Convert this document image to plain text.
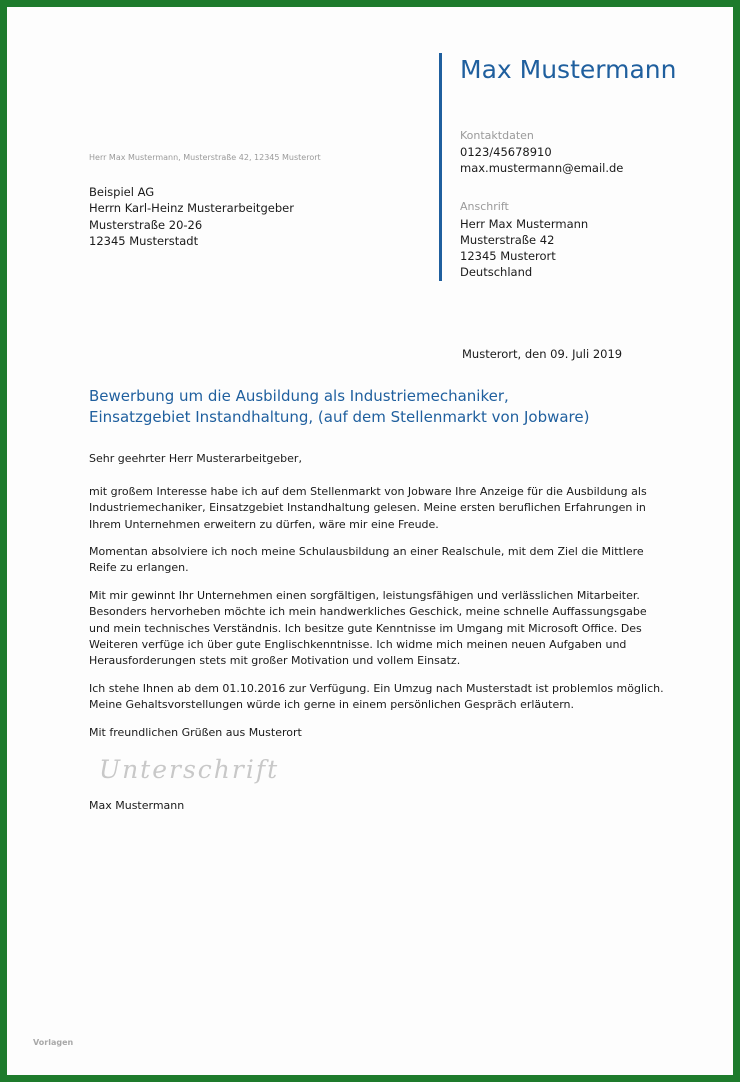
Max Mustermann
Kontaktdaten
0123/45678910
max.mustermann@email.de
Anschrift
Herr Max Mustermann
Musterstraße 42
12345 Musterort
Deutschland
Herr Max Mustermann, Musterstraße 42, 12345 Musterort
Beispiel AG
Herrn Karl-Heinz Musterarbeitgeber
Musterstraße 20-26
12345 Musterstadt
Musterort, den 09. Juli 2019
Bewerbung um die Ausbildung als Industriemechaniker, Einsatzgebiet Instandhaltung, (auf dem Stellenmarkt von Jobware)
Sehr geehrter Herr Musterarbeitgeber,
mit großem Interesse habe ich auf dem Stellenmarkt von Jobware Ihre Anzeige für die Ausbildung als Industriemechaniker, Einsatzgebiet Instandhaltung gelesen. Meine ersten beruflichen Erfahrungen in Ihrem Unternehmen erweitern zu dürfen, wäre mir eine Freude.
Momentan absolviere ich noch meine Schulausbildung an einer Realschule, mit dem Ziel die Mittlere Reife zu erlangen.
Mit mir gewinnt Ihr Unternehmen einen sorgfältigen, leistungsfähigen und verlässlichen Mitarbeiter. Besonders hervorheben möchte ich mein handwerkliches Geschick, meine schnelle Auffassungsgabe und mein technisches Verständnis. Ich besitze gute Kenntnisse im Umgang mit Microsoft Office. Des Weiteren verfüge ich über gute Englischkenntnisse. Ich widme mich meinen neuen Aufgaben und Herausforderungen stets mit großer Motivation und vollem Einsatz.
Ich stehe Ihnen ab dem 01.10.2016 zur Verfügung. Ein Umzug nach Musterstadt ist problemlos möglich. Meine Gehaltsvorstellungen würde ich gerne in einem persönlichen Gespräch erläutern.
Mit freundlichen Grüßen aus Musterort
Unterschrift
Max Mustermann
Vorlagen
